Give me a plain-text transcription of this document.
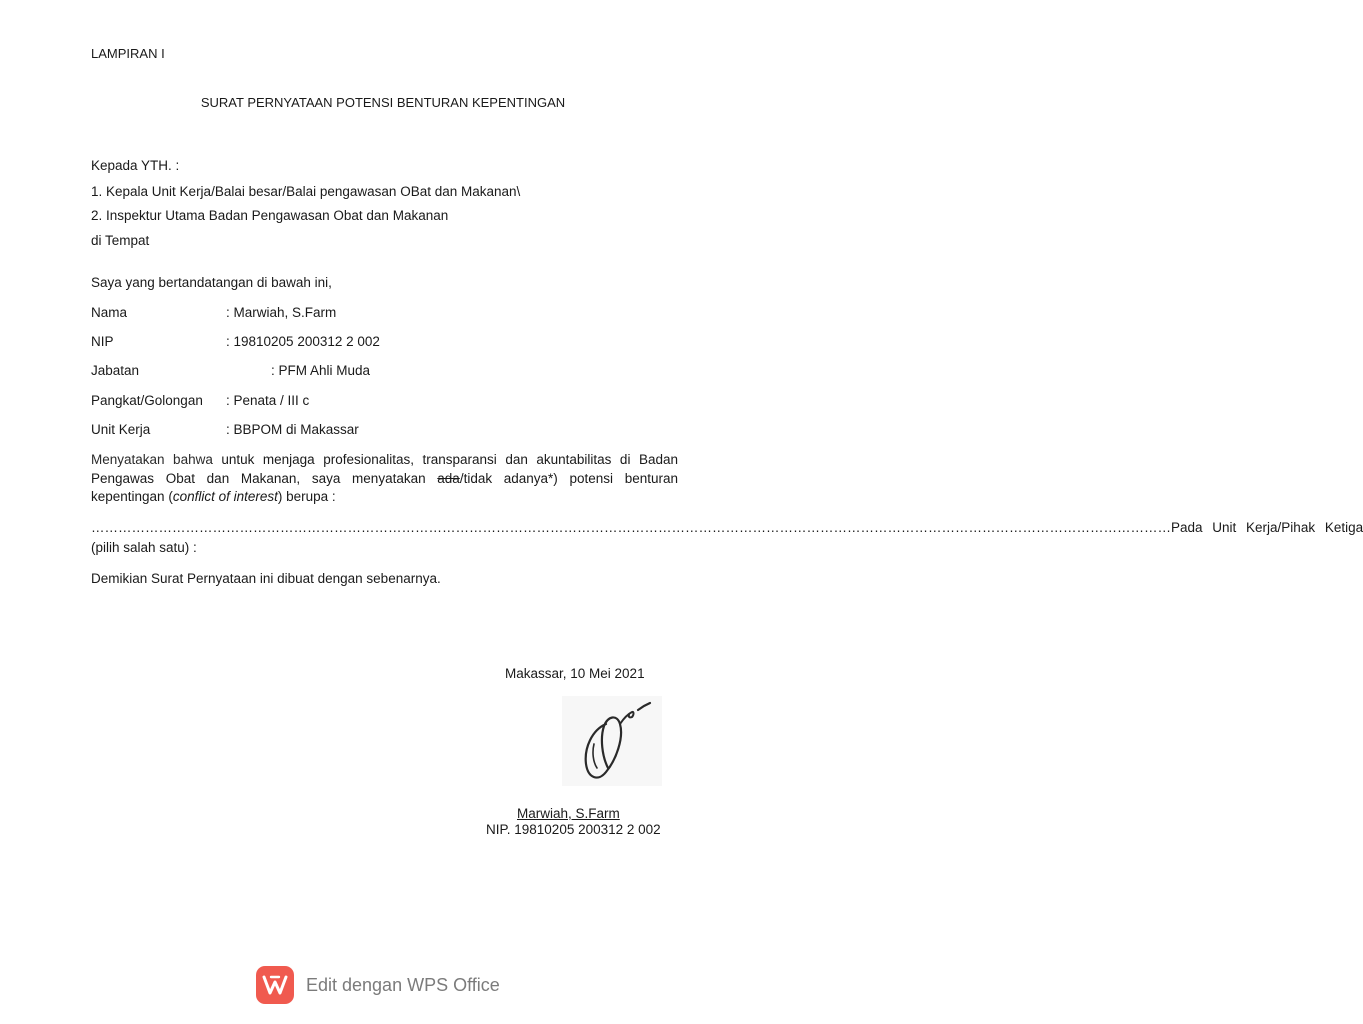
LAMPIRAN I
SURAT PERNYATAAN POTENSI BENTURAN KEPENTINGAN
Kepada YTH. :
1. Kepala Unit Kerja/Balai besar/Balai pengawasan OBat dan Makanan\
2. Inspektur Utama Badan Pengawasan Obat dan Makanan
di Tempat
Saya yang bertandatangan di bawah ini,
Nama	: Marwiah, S.Farm
NIP	: 19810205 200312 2 002
Jabatan	: PFM Ahli Muda
Pangkat/Golongan : Penata / III c
Unit Kerja	: BBPOM di Makassar
Menyatakan bahwa untuk menjaga profesionalitas, transparansi dan akuntabilitas di Badan Pengawas Obat dan Makanan, saya menyatakan ada/tidak adanya*) potensi benturan kepentingan (conflict of interest) berupa :
…………………………………………………………………………………………………………………………………………………………………………………………………………………… Pada Unit Kerja/Pihak Ketiga
(pilih salah satu) :
Demikian Surat Pernyataan ini dibuat dengan sebenarnya.
Makassar, 10 Mei 2021
Marwiah, S.Farm
NIP. 19810205 200312 2 002
Edit dengan WPS Office
